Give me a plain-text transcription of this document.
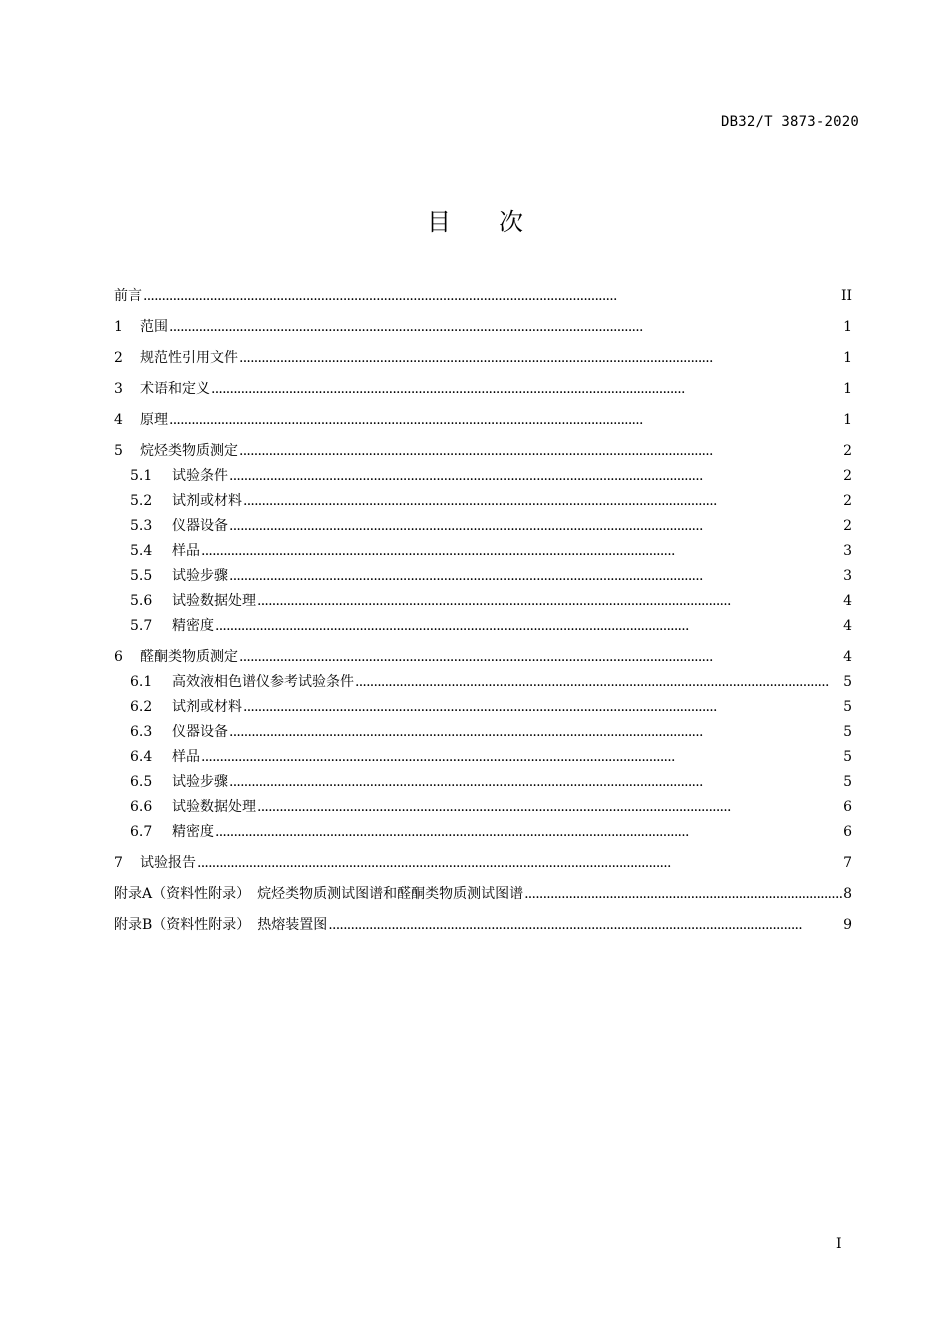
DB32/T 3873-2020
目次
前言 . . .	II
1	范围 . . .	1
2	规范性引用文件 . . .	1
3	术语和定义 . . .	1
4	原理 . . .	1
5	烷烃类物质测定 . . .	2
5.1	试验条件 . . .	2
5.2	试剂或材料 . . .	2
5.3	仪器设备 . . .	2
5.4	样品 . . .	3
5.5	试验步骤 . . .	3
5.6	试验数据处理 . . .	4
5.7	精密度 . . .	4
6	醛酮类物质测定 . . .	4
6.1	高效液相色谱仪参考试验条件 . . .	5
6.2	试剂或材料 . . .	5
6.3	仪器设备 . . .	5
6.4	样品 . . .	5
6.5	试验步骤 . . .	5
6.6	试验数据处理 . . .	6
6.7	精密度 . . .	6
7	试验报告 . . .	7
附录A（资料性附录）　烷烃类物质测试图谱和醛酮类物质测试图谱 . . .	8
附录B（资料性附录）　热熔装置图 . . .	9
I
